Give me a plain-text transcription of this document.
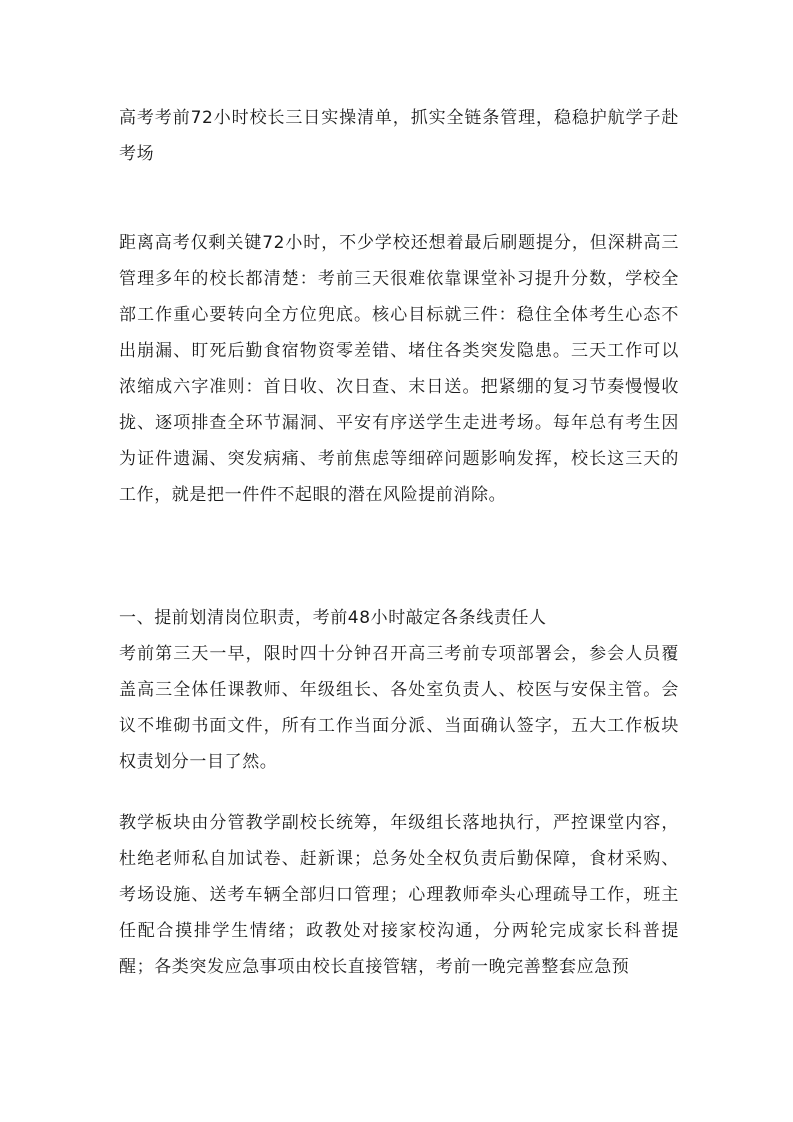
高考考前72小时校长三日实操清单，抓实全链条管理，稳稳护航学子赴考场

距离高考仅剩关键72小时，不少学校还想着最后刷题提分，但深耕高三管理多年的校长都清楚：考前三天很难依靠课堂补习提升分数，学校全部工作重心要转向全方位兜底。核心目标就三件：稳住全体考生心态不出崩漏、盯死后勤食宿物资零差错、堵住各类突发隐患。三天工作可以浓缩成六字准则：首日收、次日查、末日送。把紧绷的复习节奏慢慢收拢、逐项排查全环节漏洞、平安有序送学生走进考场。每年总有考生因为证件遗漏、突发病痛、考前焦虑等细碎问题影响发挥，校长这三天的工作，就是把一件件不起眼的潜在风险提前消除。

一、提前划清岗位职责，考前48小时敲定各条线责任人

考前第三天一早，限时四十分钟召开高三考前专项部署会，参会人员覆盖高三全体任课教师、年级组长、各处室负责人、校医与安保主管。会议不堆砌书面文件，所有工作当面分派、当面确认签字，五大工作板块权责划分一目了然。

教学板块由分管教学副校长统筹，年级组长落地执行，严控课堂内容，杜绝老师私自加试卷、赶新课；总务处全权负责后勤保障，食材采购、考场设施、送考车辆全部归口管理；心理教师牵头心理疏导工作，班主任配合摸排学生情绪；政教处对接家校沟通，分两轮完成家长科普提醒；各类突发应急事项由校长直接管辖，考前一晚完善整套应急预
